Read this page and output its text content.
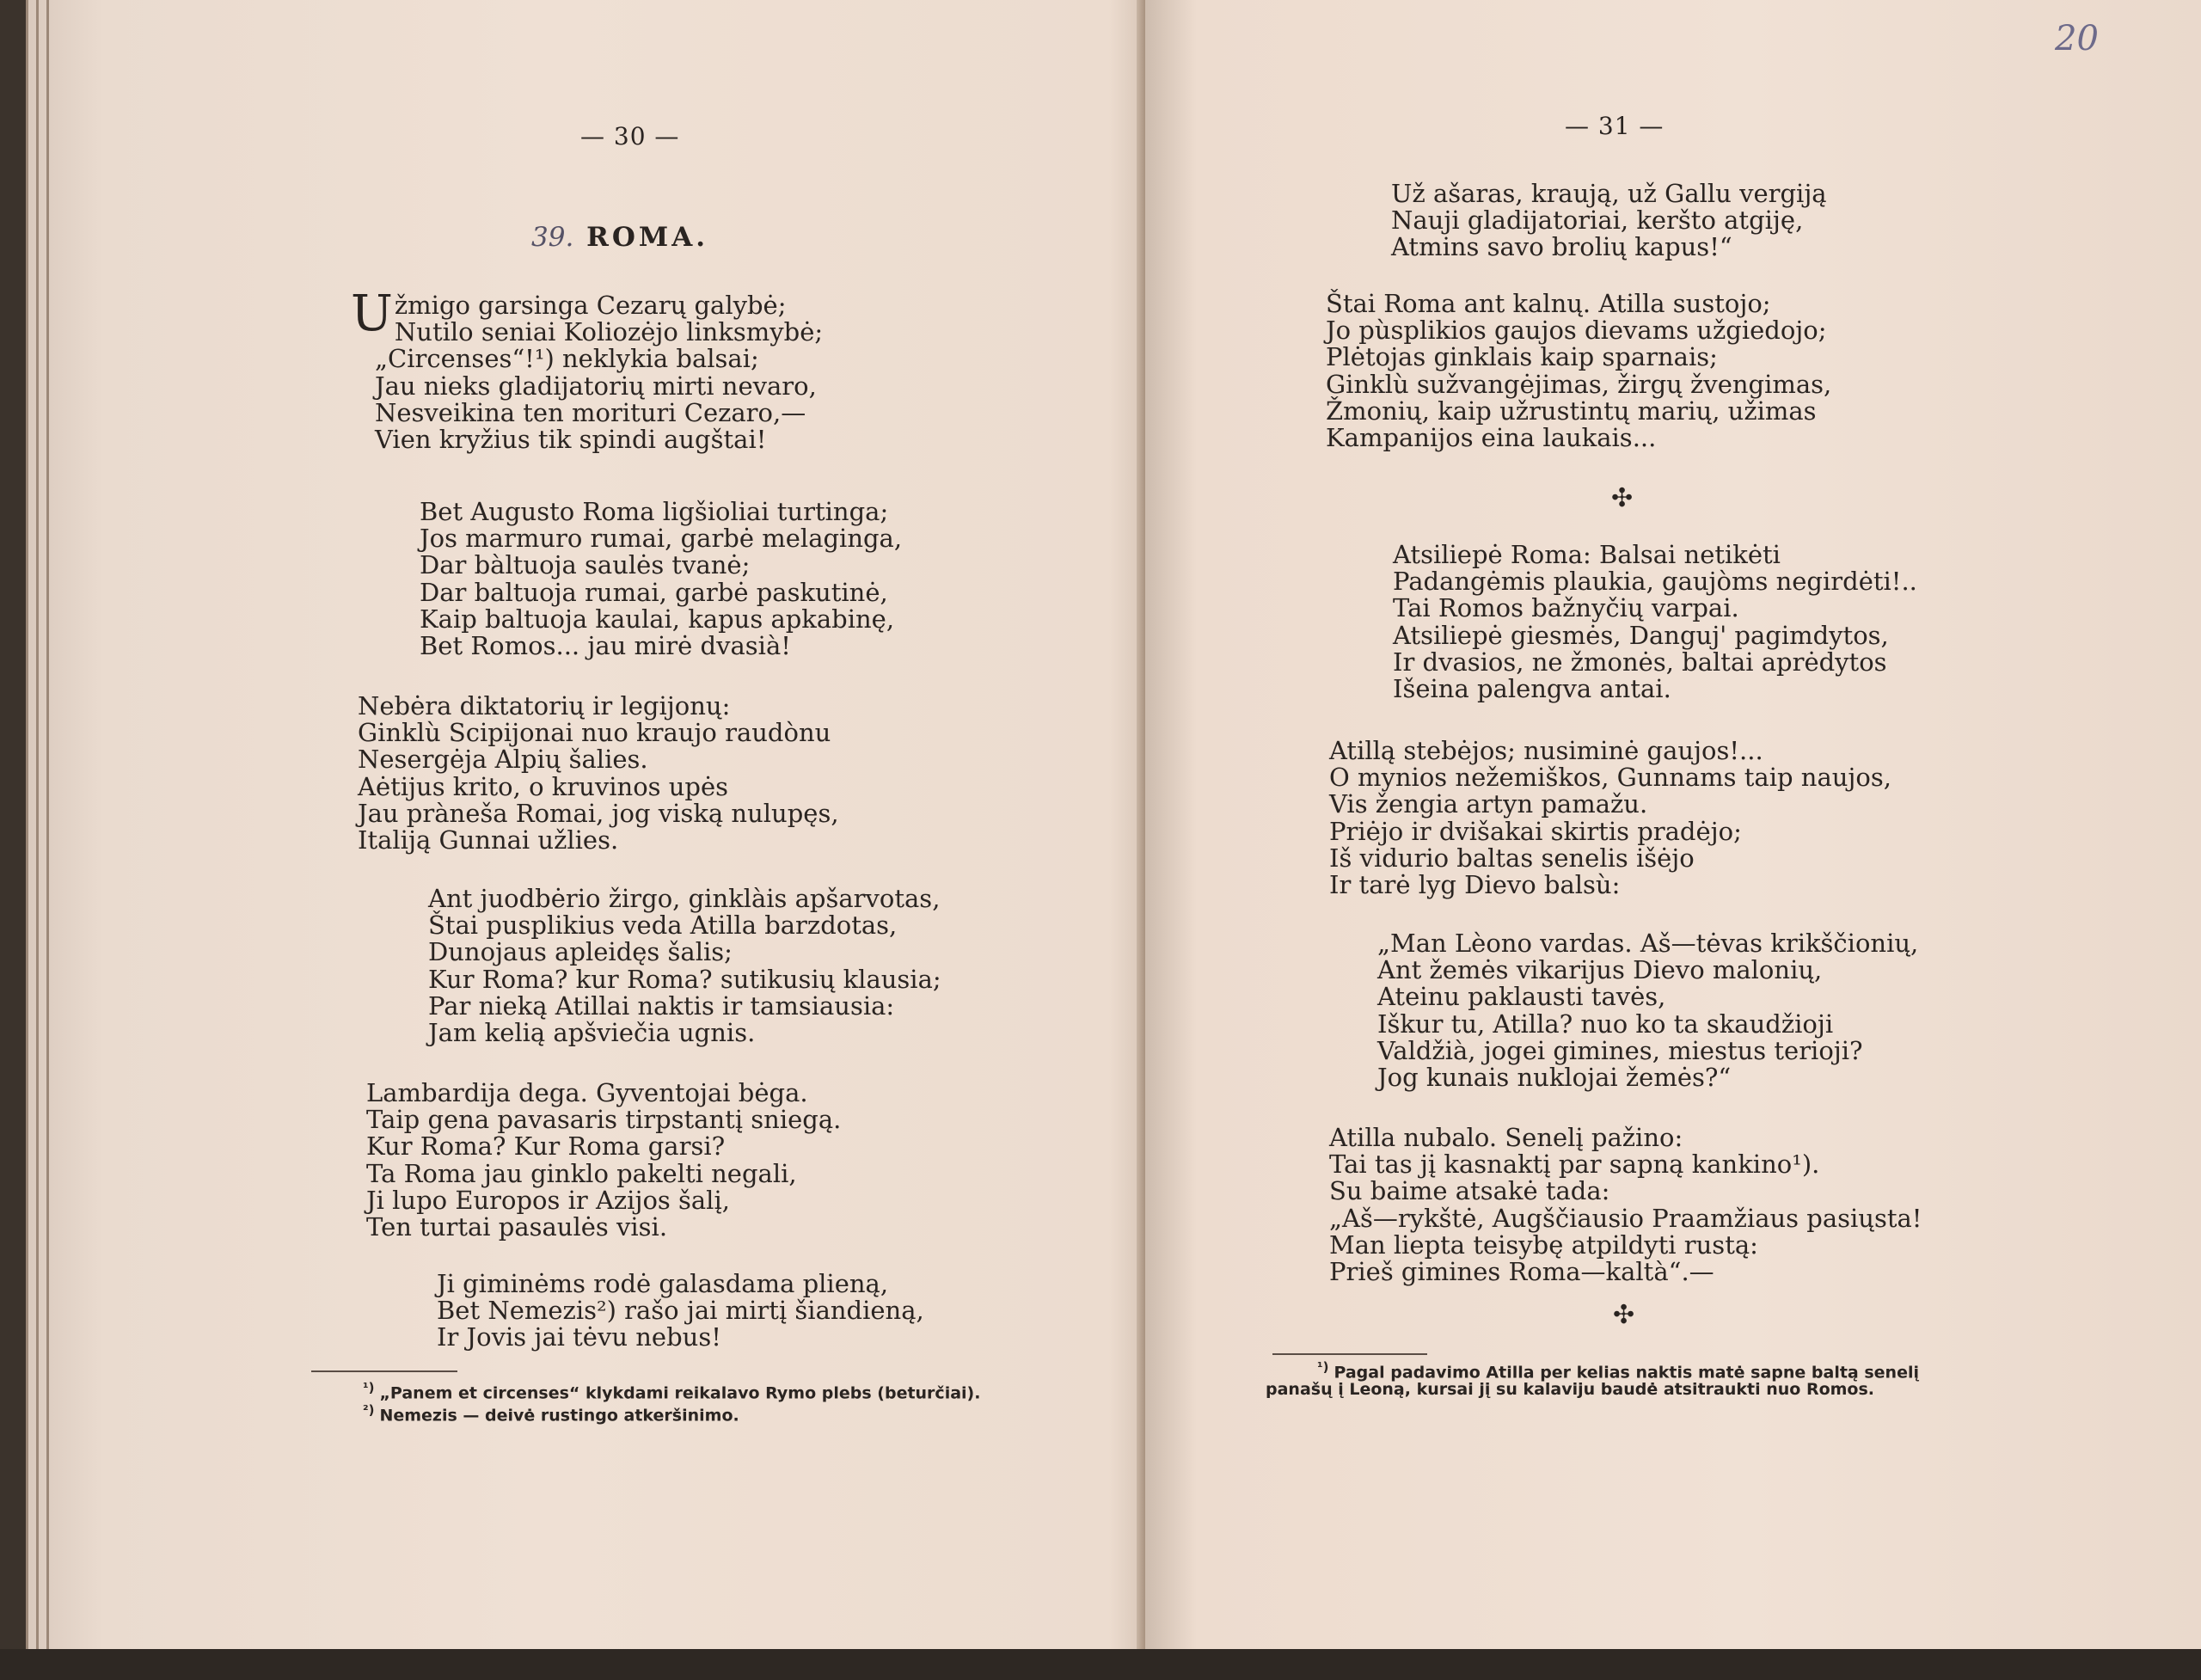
— 30 —
39. ROMA.
Užmigo garsinga Cezarų galybė;
Nutilo seniai Koliozėjo linksmybė;
„Circenses“!¹) neklykia balsai;
Jau nieks gladijatorių mirti nevaro,
Nesveikina ten morituri Cezaro,—
Vien kryžius tik spindi augštai!
Bet Augusto Roma ligšioliai turtinga;
Jos marmuro rumai, garbė melaginga,
Dar bàltuoja saulės tvanė;
Dar baltuoja rumai, garbė paskutinė,
Kaip baltuoja kaulai, kapus apkabinę,
Bet Romos... jau mirė dvasià!
Nebėra diktatorių ir legijonų:
Ginklù Scipijonai nuo kraujo raudònu
Nesergėja Alpių šalies.
Aėtijus krito, o kruvinos upės
Jau prànešа Romai, jog viską nulupęs,
Italiją Gunnai užlies.
Ant juodbėrio žirgo, ginklàis apšarvotas,
Štai pusplikius veda Atilla barzdotas,
Dunojaus apleidęs šalis;
Kur Roma? kur Roma? sutikusių klausia;
Par nieką Atillai naktis ir tamsiausia:
Jam kelią apšviečia ugnis.
Lambardija dega. Gyventojai bėga.
Taip gena pavasaris tirpstantį sniegą.
Kur Roma? Kur Roma garsi?
Ta Roma jau ginklo pakelti negali,
Ji lupo Europos ir Azijos šalį,
Ten turtai pasaulės visi.
Ji giminėms rodė galasdama plieną,
Bet Nemezis²) rašo jai mirtį šiandieną,
Ir Jovis jai tėvu nebus!
$^{^1)}$ „Panem et circenses“ klykdami reikalavo Rymo plebs (beturčiai).
$^{^2)}$ Nemezis — deivė rustingo atkeršinimo.
20
— 31 —
Už ašaras, kraują, už Gallu vergiją
Nauji gladijatoriai, keršto atgiję,
Atmins savo brolių kapus!“
Štai Roma ant kalnų. Atilla sustojo;
Jo pùsplikios gaujos dievams užgiedojo;
Plėtojas ginklais kaip sparnais;
Ginklù sužvangėjimas, žirgų žvengimas,
Žmonių, kaip užrustintų marių, užimas
Kampanijos eina laukais...
✣
Atsiliepė Roma: Balsai netikėti
Padangėmis plaukia, gaujòms negirdėti!..
Tai Romos bažnyčių varpai.
Atsiliepė giesmės, Danguj' pagimdytos,
Ir dvasios, ne žmonės, baltai aprėdytos
Išeina palengva antai.
Atillą stebėjos; nusiminė gaujos!...
O mynios nežemiškos, Gunnams taip naujos,
Vis žengia artyn pamažu.
Priėjo ir dvišakai skirtis pradėjo;
Iš vidurio baltas senelis išėjo
Ir tarė lyg Dievo balsù:
„Man Lèono vardas. Aš—tėvas krikščionių,
Ant žemės vikarijus Dievo malonių,
Ateinu paklausti tavės,
Iškur tu, Atilla? nuo ko ta skaudžioji
Valdžià, jogei gimines, miestus terioji?
Jog kunais nuklojai žemės?“
Atilla nubalo. Senelį pažino:
Tai tas jį kasnaktį par sapną kankino¹).
Su baime atsakė tada:
„Aš—rykštė, Augščiausio Praamžiaus pasiųsta!
Man liepta teisybę atpildyti rustą:
Prieš gimines Roma—kaltà“.—
✣
$^{^1)}$ Pagal padavimo Atilla per kelias naktis matė sapne baltą senelį
panašų į Leoną, kursai jį su kalaviju baudė atsitraukti nuo Romos.
